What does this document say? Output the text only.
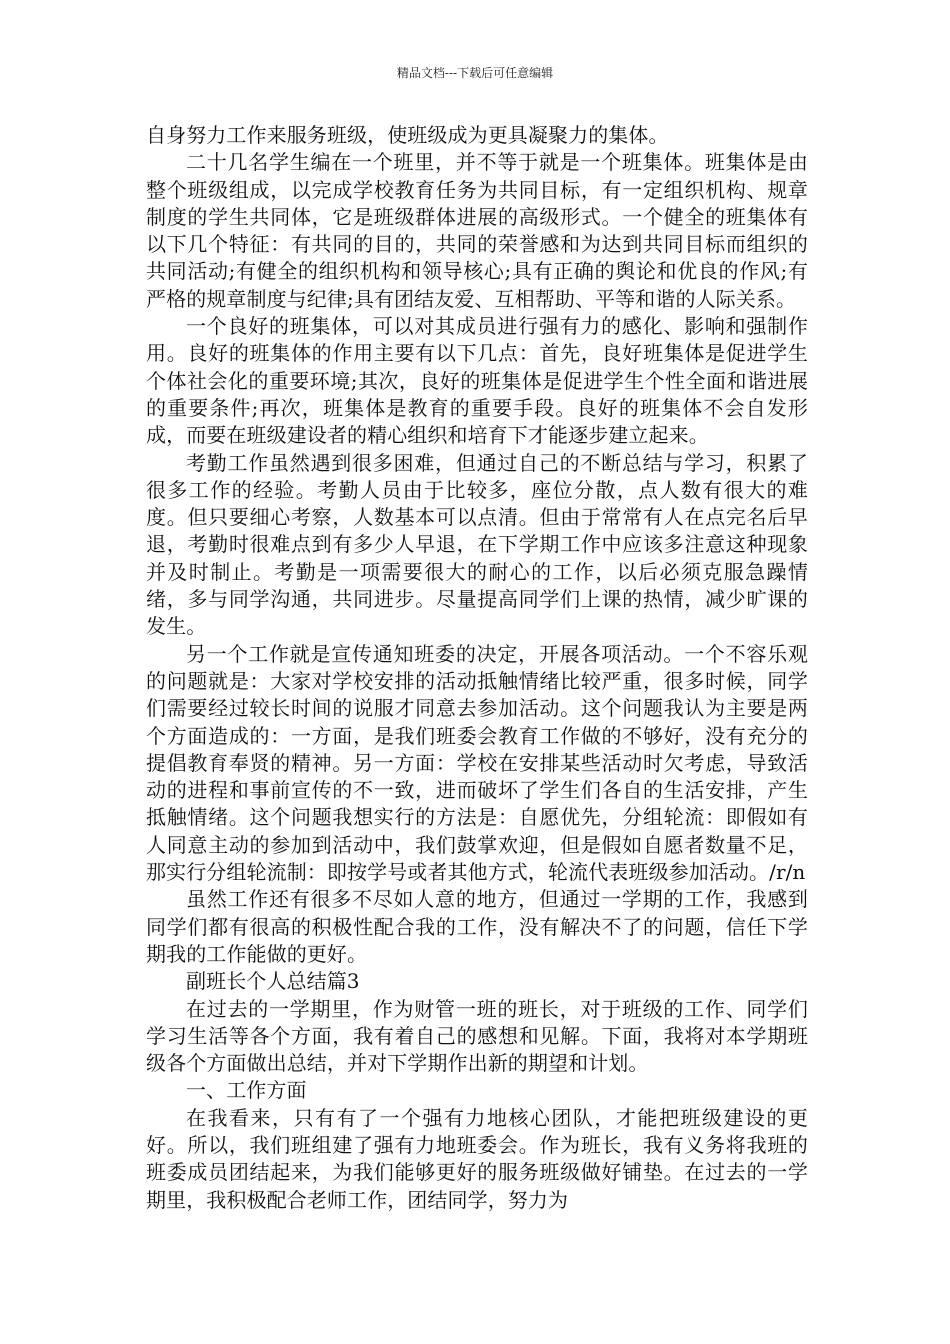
精品文档---下载后可任意编辑

自身努力工作来服务班级，使班级成为更具凝聚力的集体。

二十几名学生编在一个班里，并不等于就是一个班集体。班集体是由整个班级组成，以完成学校教育任务为共同目标，有一定组织机构、规章制度的学生共同体，它是班级群体进展的高级形式。一个健全的班集体有以下几个特征：有共同的目的，共同的荣誉感和为达到共同目标而组织的共同活动;有健全的组织机构和领导核心;具有正确的舆论和优良的作风;有严格的规章制度与纪律;具有团结友爱、互相帮助、平等和谐的人际关系。

一个良好的班集体，可以对其成员进行强有力的感化、影响和强制作用。良好的班集体的作用主要有以下几点：首先，良好班集体是促进学生个体社会化的重要环境;其次，良好的班集体是促进学生个性全面和谐进展的重要条件;再次，班集体是教育的重要手段。良好的班集体不会自发形成，而要在班级建设者的精心组织和培育下才能逐步建立起来。

考勤工作虽然遇到很多困难，但通过自己的不断总结与学习，积累了很多工作的经验。考勤人员由于比较多，座位分散，点人数有很大的难度。但只要细心考察，人数基本可以点清。但由于常常有人在点完名后早退，考勤时很难点到有多少人早退，在下学期工作中应该多注意这种现象并及时制止。考勤是一项需要很大的耐心的工作，以后必须克服急躁情绪，多与同学沟通，共同进步。尽量提高同学们上课的热情，减少旷课的发生。

另一个工作就是宣传通知班委的决定，开展各项活动。一个不容乐观的问题就是：大家对学校安排的活动抵触情绪比较严重，很多时候，同学们需要经过较长时间的说服才同意去参加活动。这个问题我认为主要是两个方面造成的：一方面，是我们班委会教育工作做的不够好，没有充分的提倡教育奉贤的精神。另一方面：学校在安排某些活动时欠考虑，导致活动的进程和事前宣传的不一致，进而破坏了学生们各自的生活安排，产生抵触情绪。这个问题我想实行的方法是：自愿优先，分组轮流：即假如有人同意主动的参加到活动中，我们鼓掌欢迎，但是假如自愿者数量不足，那实行分组轮流制：即按学号或者其他方式，轮流代表班级参加活动。/r/n

虽然工作还有很多不尽如人意的地方，但通过一学期的工作，我感到同学们都有很高的积极性配合我的工作，没有解决不了的问题，信任下学期我的工作能做的更好。

副班长个人总结篇3

在过去的一学期里，作为财管一班的班长，对于班级的工作、同学们学习生活等各个方面，我有着自己的感想和见解。下面，我将对本学期班级各个方面做出总结，并对下学期作出新的期望和计划。

一、工作方面

在我看来，只有有了一个强有力地核心团队，才能把班级建设的更好。所以，我们班组建了强有力地班委会。作为班长，我有义务将我班的班委成员团结起来，为我们能够更好的服务班级做好铺垫。在过去的一学期里，我积极配合老师工作，团结同学，努力为
